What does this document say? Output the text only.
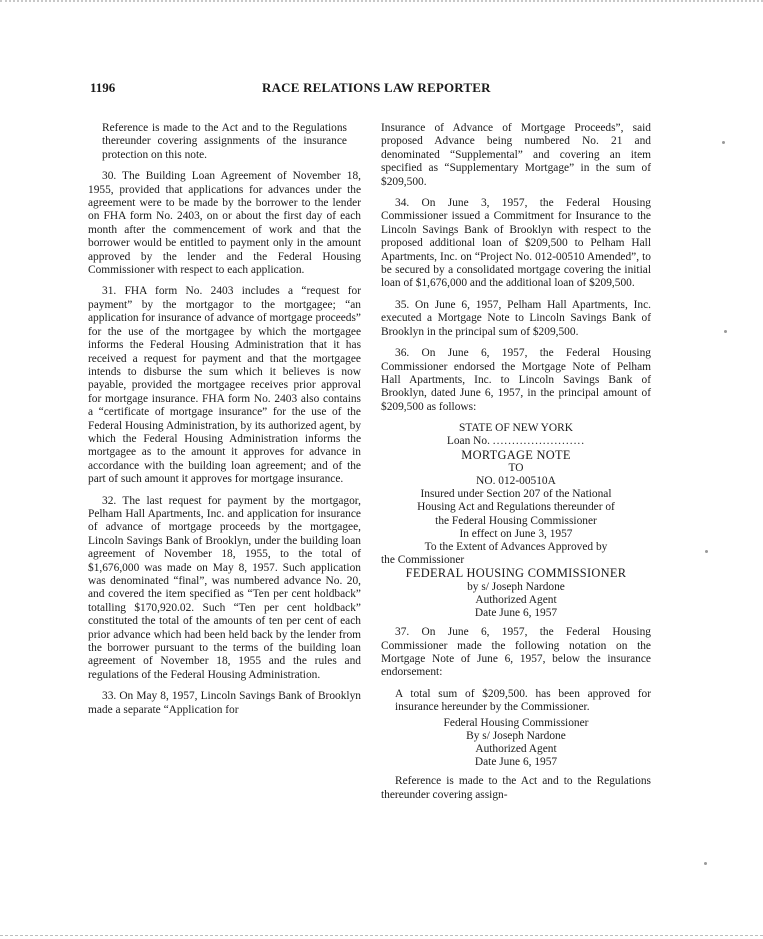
1196	RACE RELATIONS LAW REPORTER

Reference is made to the Act and to the Regulations thereunder covering assignments of the insurance protection on this note.

30. The Building Loan Agreement of November 18, 1955, provided that applications for advances under the agreement were to be made by the borrower to the lender on FHA form No. 2403, on or about the first day of each month after the commencement of work and that the borrower would be entitled to payment only in the amount approved by the lender and the Federal Housing Commissioner with respect to each application.

31. FHA form No. 2403 includes a “request for payment” by the mortgagor to the mortgagee; “an application for insurance of advance of mortgage proceeds” for the use of the mortgagee by which the mortgagee informs the Federal Housing Administration that it has received a request for payment and that the mortgagee intends to disburse the sum which it believes is now payable, provided the mortgagee receives prior approval for mortgage insurance. FHA form No. 2403 also contains a “certificate of mortgage insurance” for the use of the Federal Housing Administration, by its authorized agent, by which the Federal Housing Administration informs the mortgagee as to the amount it approves for advance in accordance with the building loan agreement; and of the part of such amount it approves for mortgage insurance.

32. The last request for payment by the mortgagor, Pelham Hall Apartments, Inc. and application for insurance of advance of mortgage proceeds by the mortgagee, Lincoln Savings Bank of Brooklyn, under the building loan agreement of November 18, 1955, to the total of $1,676,000 was made on May 8, 1957. Such application was denominated “final”, was numbered advance No. 20, and covered the item specified as “Ten per cent holdback” totalling $170,920.02. Such “Ten per cent holdback” constituted the total of the amounts of ten per cent of each prior advance which had been held back by the lender from the borrower pursuant to the terms of the building loan agreement of November 18, 1955 and the rules and regulations of the Federal Housing Administration.

33. On May 8, 1957, Lincoln Savings Bank of Brooklyn made a separate “Application for

Insurance of Advance of Mortgage Proceeds”, said proposed Advance being numbered No. 21 and denominated “Supplemental” and covering an item specified as “Supplementary Mortgage” in the sum of $209,500.

34. On June 3, 1957, the Federal Housing Commissioner issued a Commitment for Insurance to the Lincoln Savings Bank of Brooklyn with respect to the proposed additional loan of $209,500 to Pelham Hall Apartments, Inc. on “Project No. 012-00510 Amended”, to be secured by a consolidated mortgage covering the initial loan of $1,676,000 and the additional loan of $209,500.

35. On June 6, 1957, Pelham Hall Apartments, Inc. executed a Mortgage Note to Lincoln Savings Bank of Brooklyn in the principal sum of $209,500.

36. On June 6, 1957, the Federal Housing Commissioner endorsed the Mortgage Note of Pelham Hall Apartments, Inc. to Lincoln Savings Bank of Brooklyn, dated June 6, 1957, in the principal amount of $209,500 as follows:

STATE OF NEW YORK
Loan No. ........................
MORTGAGE NOTE
TO
NO. 012-00510A
Insured under Section 207 of the National
Housing Act and Regulations thereunder of
the Federal Housing Commissioner
In effect on June 3, 1957
To the Extent of Advances Approved by
the Commissioner
FEDERAL HOUSING COMMISSIONER
by s/ Joseph Nardone
Authorized Agent
Date June 6, 1957

37. On June 6, 1957, the Federal Housing Commissioner made the following notation on the Mortgage Note of June 6, 1957, below the insurance endorsement:

A total sum of $209,500. has been approved for insurance hereunder by the Commissioner.

Federal Housing Commissioner
By s/ Joseph Nardone
Authorized Agent
Date June 6, 1957

Reference is made to the Act and to the Regulations thereunder covering assign-
